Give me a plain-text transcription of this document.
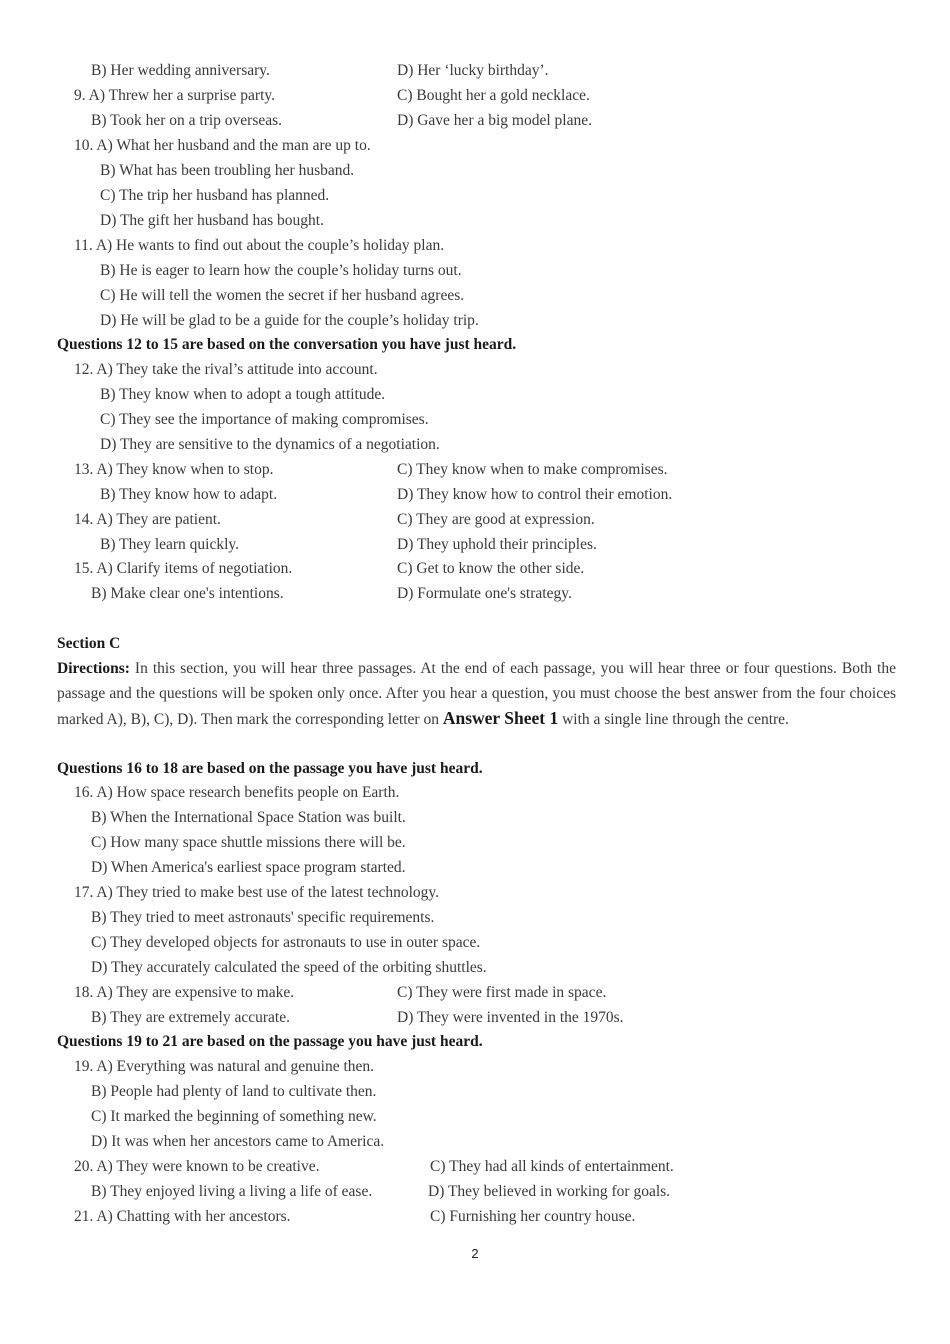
B) Her wedding anniversary.	D) Her ‘lucky birthday’.
9. A) Threw her a surprise party.	C) Bought her a gold necklace.
B) Took her on a trip overseas.	D) Gave her a big model plane.
10. A) What her husband and the man are up to.
B) What has been troubling her husband.
C) The trip her husband has planned.
D) The gift her husband has bought.
11. A) He wants to find out about the couple’s holiday plan.
B) He is eager to learn how the couple’s holiday turns out.
C) He will tell the women the secret if her husband agrees.
D) He will be glad to be a guide for the couple’s holiday trip.
Questions 12 to 15 are based on the conversation you have just heard.
12. A) They take the rival’s attitude into account.
B) They know when to adopt a tough attitude.
C) They see the importance of making compromises.
D) They are sensitive to the dynamics of a negotiation.
13. A) They know when to stop.	C) They know when to make compromises.
B) They know how to adapt.	D) They know how to control their emotion.
14. A) They are patient.	C) They are good at expression.
B) They learn quickly.	D) They uphold their principles.
15. A) Clarify items of negotiation.	C) Get to know the other side.
B) Make clear one's intentions.	D) Formulate one's strategy.
Section C
Directions: In this section, you will hear three passages. At the end of each passage, you will hear three or four questions. Both the passage and the questions will be spoken only once. After you hear a question, you must choose the best answer from the four choices marked A), B), C), D). Then mark the corresponding letter on Answer Sheet 1 with a single line through the centre.
Questions 16 to 18 are based on the passage you have just heard.
16. A) How space research benefits people on Earth.
B) When the International Space Station was built.
C) How many space shuttle missions there will be.
D) When America's earliest space program started.
17. A) They tried to make best use of the latest technology.
B) They tried to meet astronauts' specific requirements.
C) They developed objects for astronauts to use in outer space.
D) They accurately calculated the speed of the orbiting shuttles.
18. A) They are expensive to make.	C) They were first made in space.
B) They are extremely accurate.	D) They were invented in the 1970s.
Questions 19 to 21 are based on the passage you have just heard.
19. A) Everything was natural and genuine then.
B) People had plenty of land to cultivate then.
C) It marked the beginning of something new.
D) It was when her ancestors came to America.
20. A) They were known to be creative.	C) They had all kinds of entertainment.
B) They enjoyed living a living a life of ease.	D) They believed in working for goals.
21. A) Chatting with her ancestors.	C) Furnishing her country house.
2
